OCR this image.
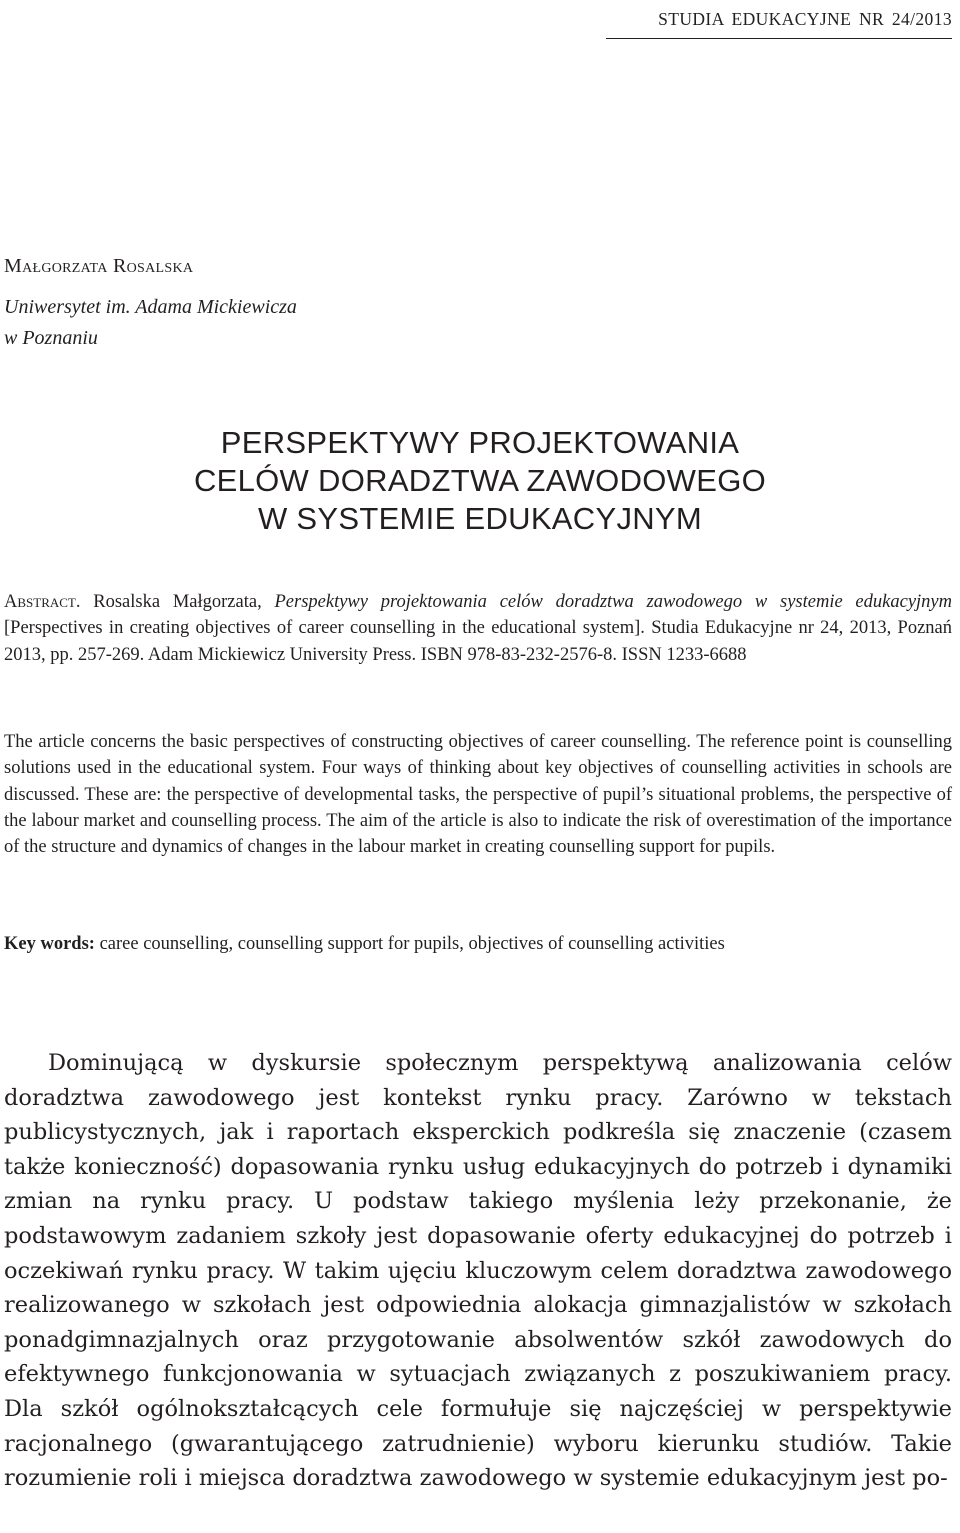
STUDIA EDUKACYJNE NR 24/2013
Małgorzata Rosalska
Uniwersytet im. Adama Mickiewicza
w Poznaniu
PERSPEKTYWY PROJEKTOWANIA
CELÓW DORADZTWA ZAWODOWEGO
W SYSTEMIE EDUKACYJNYM
Abstract. Rosalska Małgorzata, Perspektywy projektowania celów doradztwa zawodowego w systemie edukacyjnym [Perspectives in creating objectives of career counselling in the educational system]. Studia Edukacyjne nr 24, 2013, Poznań 2013, pp. 257-269. Adam Mickiewicz University Press. ISBN 978-83-232-2576-8. ISSN 1233-6688
The article concerns the basic perspectives of constructing objectives of career counselling. The reference point is counselling solutions used in the educational system. Four ways of thinking about key objectives of counselling activities in schools are discussed. These are: the perspective of developmental tasks, the perspective of pupil’s situational problems, the perspective of the labour market and counselling process. The aim of the article is also to indicate the risk of overestimation of the importance of the structure and dynamics of changes in the labour market in creating counselling support for pupils.
Key words: caree counselling, counselling support for pupils, objectives of counselling activities
Dominującą w dyskursie społecznym perspektywą analizowania celów doradztwa zawodowego jest kontekst rynku pracy. Zarówno w tekstach publicystycznych, jak i raportach eksperckich podkreśla się znaczenie (czasem także konieczność) dopasowania rynku usług edukacyjnych do potrzeb i dynamiki zmian na rynku pracy. U podstaw takiego myślenia leży przekonanie, że podstawowym zadaniem szkoły jest dopasowanie oferty edukacyjnej do potrzeb i oczekiwań rynku pracy. W takim ujęciu kluczowym celem doradztwa zawodowego realizowanego w szkołach jest odpowiednia alokacja gimnazjalistów w szkołach ponadgimnazjalnych oraz przygotowanie absolwentów szkół zawodowych do efektywnego funkcjonowania w sytuacjach związanych z poszukiwaniem pracy. Dla szkół ogólnokształcących cele formułuje się najczęściej w perspektywie racjonalnego (gwarantującego zatrudnienie) wyboru kierunku studiów. Takie rozumienie roli i miejsca doradztwa zawodowego w systemie edukacyjnym jest po-
